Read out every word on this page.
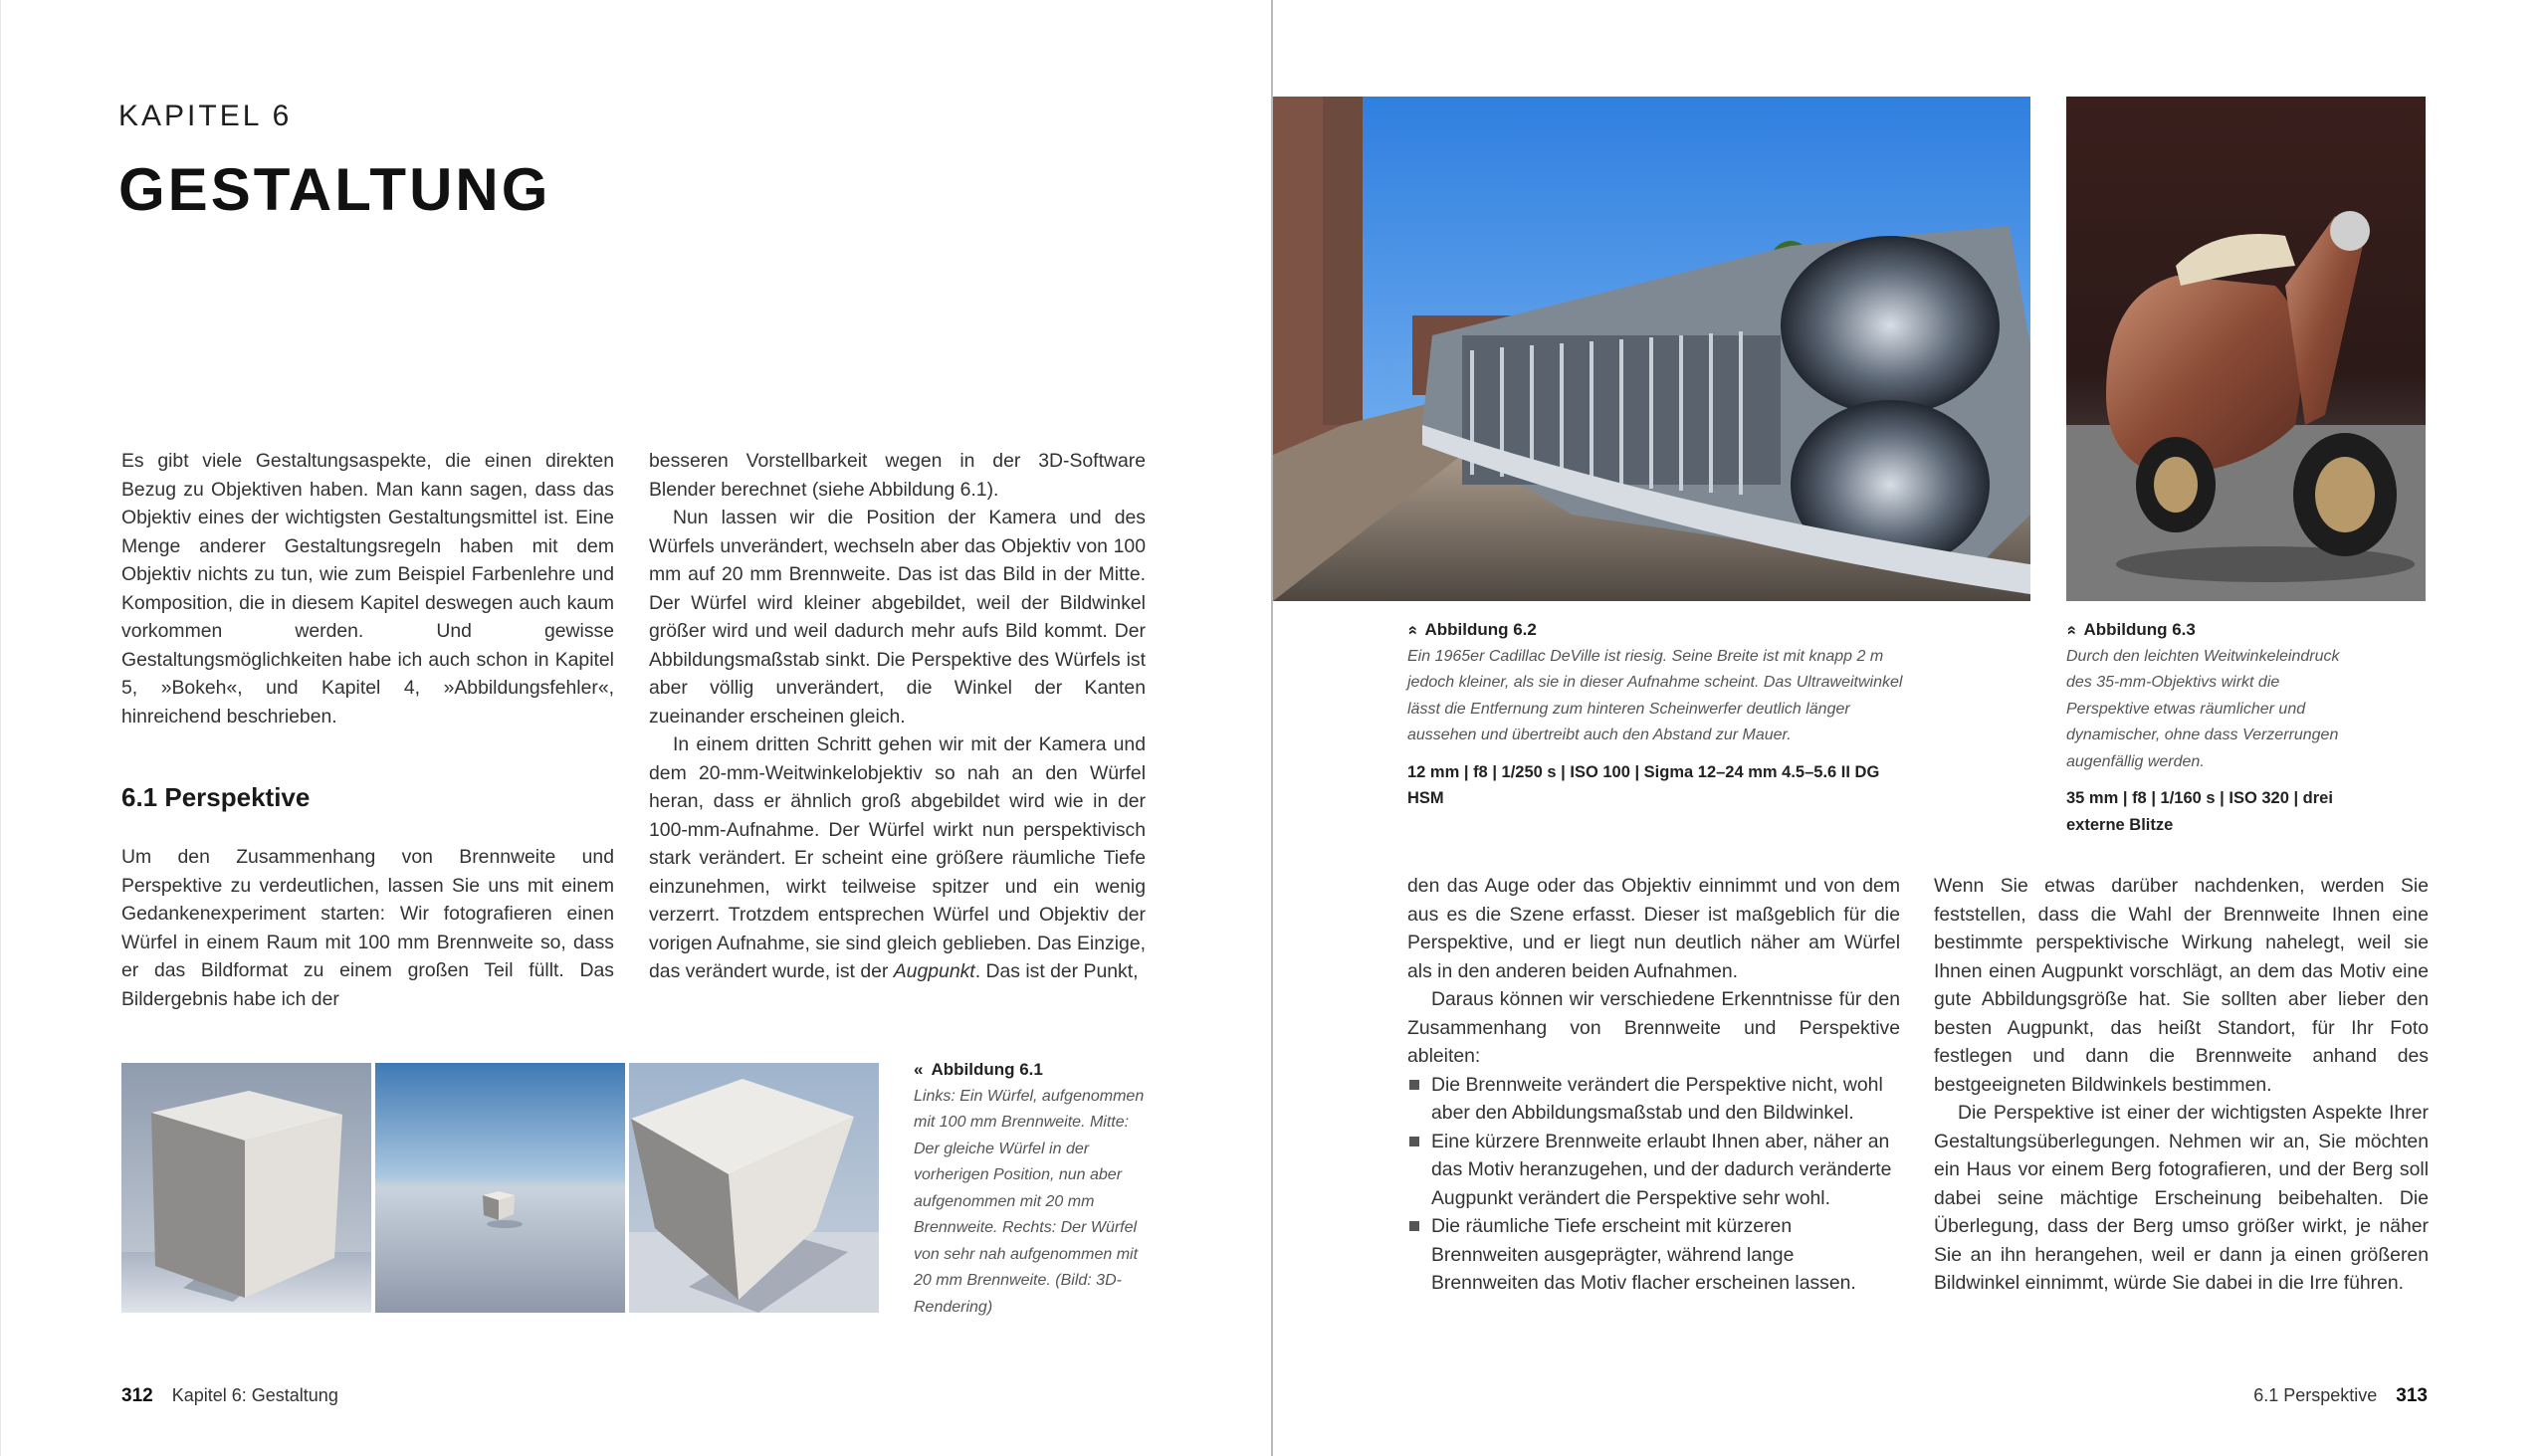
KAPITEL 6
GESTALTUNG

Es gibt viele Gestaltungsaspekte, die einen direkten Bezug zu Objektiven haben. Man kann sagen, dass das Objektiv eines der wichtigsten Gestaltungsmittel ist. Eine Menge anderer Gestaltungsregeln haben mit dem Objektiv nichts zu tun, wie zum Beispiel Farbenlehre und Komposition, die in diesem Kapitel deswegen auch kaum vorkommen werden. Und gewisse Gestaltungsmöglichkeiten habe ich auch schon in Kapitel 5, »Bokeh«, und Kapitel 4, »Abbildungsfehler«, hinreichend beschrieben.

6.1 Perspektive

Um den Zusammenhang von Brennweite und Perspektive zu verdeutlichen, lassen Sie uns mit einem Gedankenexperiment starten: Wir fotografieren einen Würfel in einem Raum mit 100 mm Brennweite so, dass er das Bildformat zu einem großen Teil füllt. Das Bildergebnis habe ich der

besseren Vorstellbarkeit wegen in der 3D-Software Blender berechnet (siehe Abbildung 6.1).

Nun lassen wir die Position der Kamera und des Würfels unverändert, wechseln aber das Objektiv von 100 mm auf 20 mm Brennweite. Das ist das Bild in der Mitte. Der Würfel wird kleiner abgebildet, weil der Bildwinkel größer wird und weil dadurch mehr aufs Bild kommt. Der Abbildungsmaßstab sinkt. Die Perspektive des Würfels ist aber völlig unverändert, die Winkel der Kanten zueinander erscheinen gleich.

In einem dritten Schritt gehen wir mit der Kamera und dem 20-mm-Weitwinkelobjektiv so nah an den Würfel heran, dass er ähnlich groß abgebildet wird wie in der 100-mm-Aufnahme. Der Würfel wirkt nun perspektivisch stark verändert. Er scheint eine größere räumliche Tiefe einzunehmen, wirkt teilweise spitzer und ein wenig verzerrt. Trotzdem entsprechen Würfel und Objektiv der vorigen Aufnahme, sie sind gleich geblieben. Das Einzige, das verändert wurde, ist der Augpunkt. Das ist der Punkt,

« Abbildung 6.1
Links: Ein Würfel, aufgenommen mit 100 mm Brennweite. Mitte: Der gleiche Würfel in der vorherigen Position, nun aber aufgenommen mit 20 mm Brennweite. Rechts: Der Würfel von sehr nah aufgenommen mit 20 mm Brennweite. (Bild: 3D-Rendering)
312 Kapitel 6: Gestaltung
» Abbildung 6.2
Ein 1965er Cadillac DeVille ist riesig. Seine Breite ist mit knapp 2 m jedoch kleiner, als sie in dieser Aufnahme scheint. Das Ultraweitwinkel lässt die Entfernung zum hinteren Scheinwerfer deutlich länger aussehen und übertreibt auch den Abstand zur Mauer.
12 mm | f8 | 1/250 s | ISO 100 | Sigma 12–24 mm 4.5–5.6 II DG HSM
» Abbildung 6.3
Durch den leichten Weitwinkeleindruck des 35-mm-Objektivs wirkt die Perspektive etwas räumlicher und dynamischer, ohne dass Verzerrungen augenfällig werden.
35 mm | f8 | 1/160 s | ISO 320 | drei externe Blitze

den das Auge oder das Objektiv einnimmt und von dem aus es die Szene erfasst. Dieser ist maßgeblich für die Perspektive, und er liegt nun deutlich näher am Würfel als in den anderen beiden Aufnahmen.

Daraus können wir verschiedene Erkenntnisse für den Zusammenhang von Brennweite und Perspektive ableiten:

Die Brennweite verändert die Perspektive nicht, wohl aber den Abbildungsmaßstab und den Bildwinkel.
Eine kürzere Brennweite erlaubt Ihnen aber, näher an das Motiv heranzugehen, und der dadurch veränderte Augpunkt verändert die Perspektive sehr wohl.
Die räumliche Tiefe erscheint mit kürzeren Brennweiten ausgeprägter, während lange Brennweiten das Motiv flacher erscheinen lassen.

Wenn Sie etwas darüber nachdenken, werden Sie feststellen, dass die Wahl der Brennweite Ihnen eine bestimmte perspektivische Wirkung nahelegt, weil sie Ihnen einen Augpunkt vorschlägt, an dem das Motiv eine gute Abbildungsgröße hat. Sie sollten aber lieber den besten Augpunkt, das heißt Standort, für Ihr Foto festlegen und dann die Brennweite anhand des bestgeeigneten Bildwinkels bestimmen.

Die Perspektive ist einer der wichtigsten Aspekte Ihrer Gestaltungsüberlegungen. Nehmen wir an, Sie möchten ein Haus vor einem Berg fotografieren, und der Berg soll dabei seine mächtige Erscheinung beibehalten. Die Überlegung, dass der Berg umso größer wirkt, je näher Sie an ihn herangehen, weil er dann ja einen größeren Bildwinkel einnimmt, würde Sie dabei in die Irre führen.

6.1 Perspektive 313
